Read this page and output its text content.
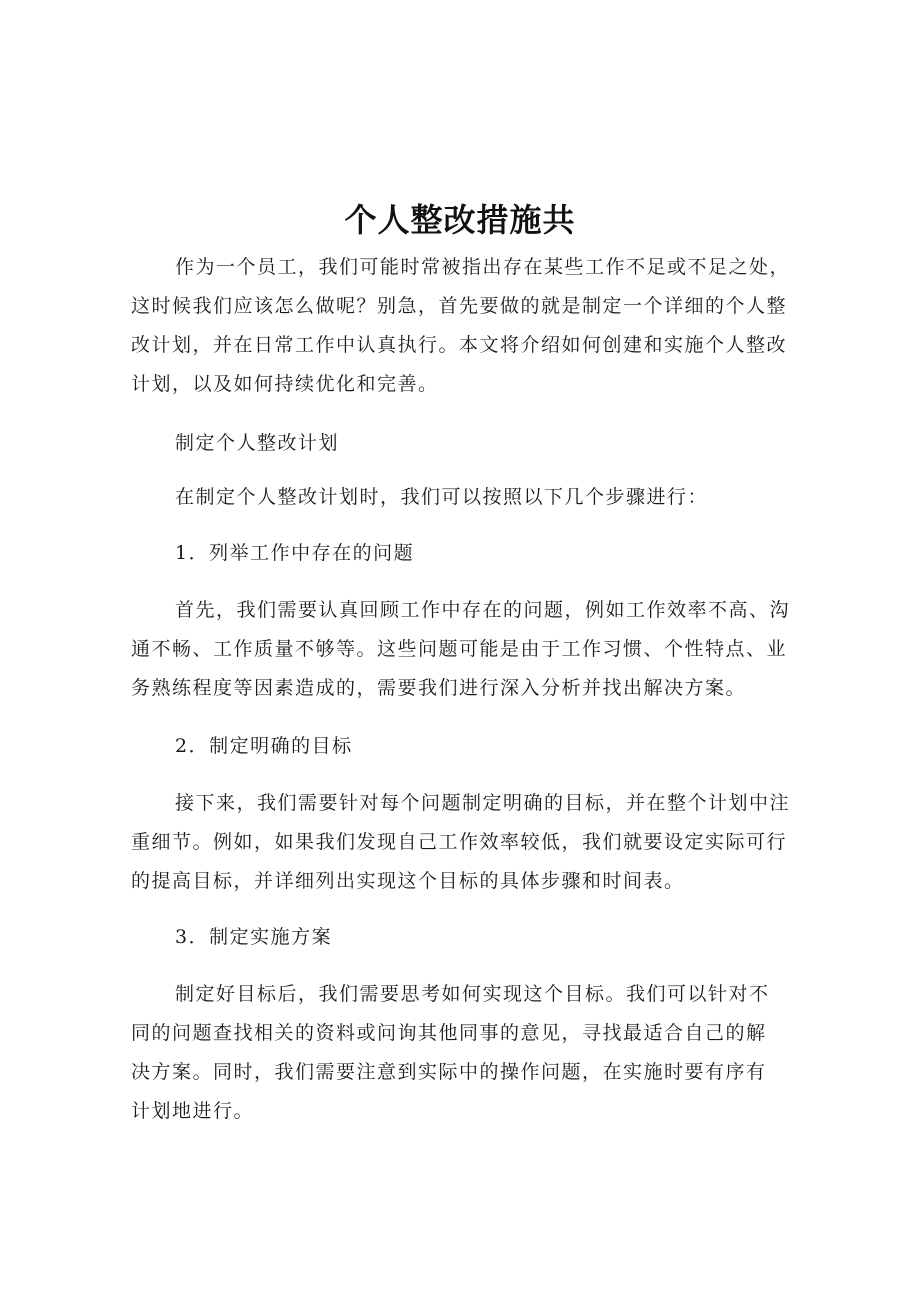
个人整改措施共

作为一个员工，我们可能时常被指出存在某些工作不足或不足之处，这时候我们应该怎么做呢？别急，首先要做的就是制定一个详细的个人整改计划，并在日常工作中认真执行。本文将介绍如何创建和实施个人整改计划，以及如何持续优化和完善。

制定个人整改计划

在制定个人整改计划时，我们可以按照以下几个步骤进行：

1．列举工作中存在的问题

首先，我们需要认真回顾工作中存在的问题，例如工作效率不高、沟通不畅、工作质量不够等。这些问题可能是由于工作习惯、个性特点、业务熟练程度等因素造成的，需要我们进行深入分析并找出解决方案。

2．制定明确的目标

接下来，我们需要针对每个问题制定明确的目标，并在整个计划中注重细节。例如，如果我们发现自己工作效率较低，我们就要设定实际可行的提高目标，并详细列出实现这个目标的具体步骤和时间表。

3．制定实施方案

制定好目标后，我们需要思考如何实现这个目标。我们可以针对不同的问题查找相关的资料或问询其他同事的意见，寻找最适合自己的解决方案。同时，我们需要注意到实际中的操作问题，在实施时要有序有计划地进行。
